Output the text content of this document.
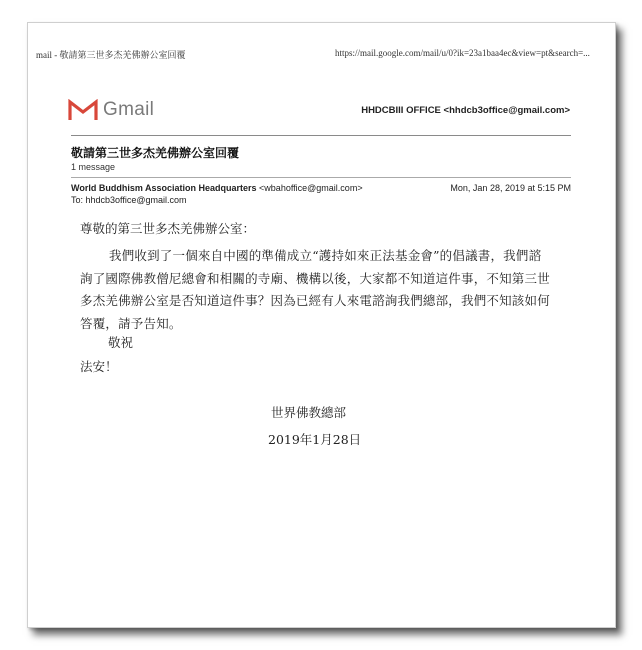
mail - 敬請第三世多杰羌佛辦公室回覆	https://mail.google.com/mail/u/0?ik=23a1baa4ec&view=pt&search=...
Gmail	HHDCBIII OFFICE <hhdcb3office@gmail.com>
敬請第三世多杰羌佛辦公室回覆
1 message
World Buddhism Association Headquarters <wbahoffice@gmail.com>	Mon, Jan 28, 2019 at 5:15 PM
To: hhdcb3office@gmail.com
尊敬的第三世多杰羌佛辦公室：
我們收到了一個來自中國的準備成立“護持如來正法基金會”的倡議書，我們諮詢了國際佛教僧尼總會和相關的寺廟、機構以後，大家都不知道這件事，不知第三世多杰羌佛辦公室是否知道這件事？因為已經有人來電諮詢我們總部，我們不知該如何答覆，請予告知。
敬祝
法安！
世界佛教總部
2019年1月28日
